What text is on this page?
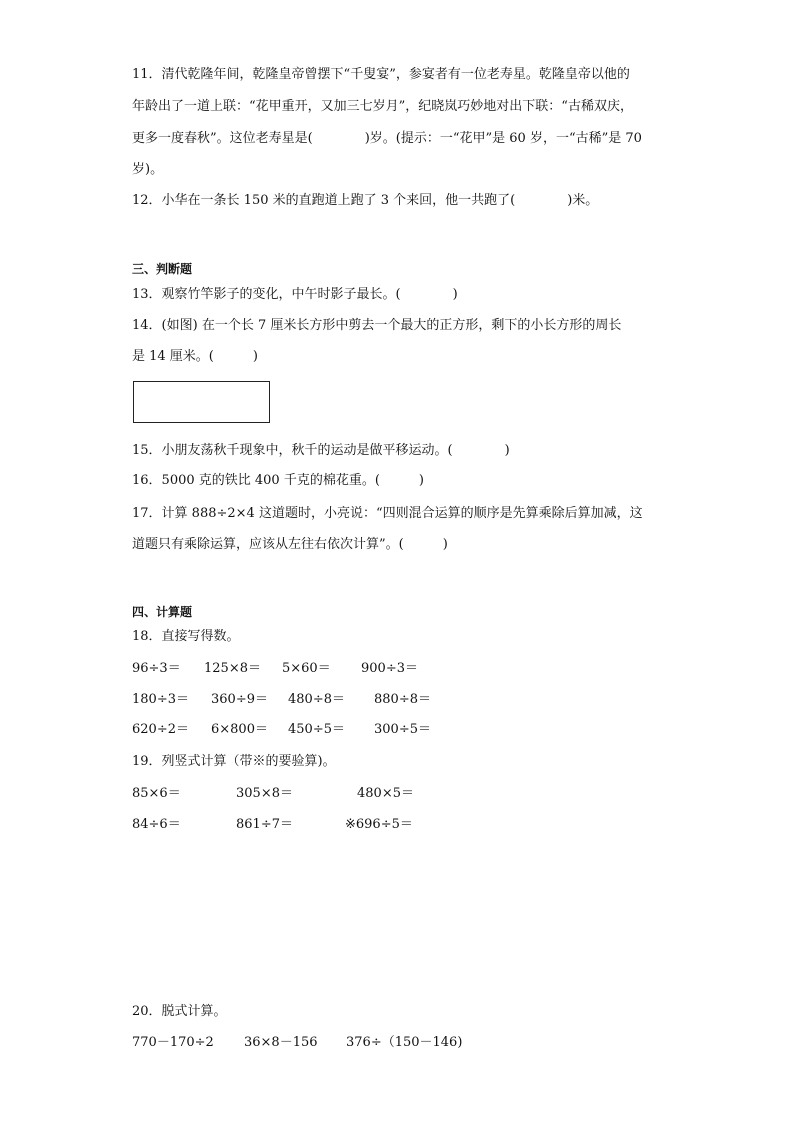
11．清代乾隆年间，乾隆皇帝曾摆下“千叟宴”，参宴者有一位老寿星。乾隆皇帝以他的
年龄出了一道上联：“花甲重开，又加三七岁月”，纪晓岚巧妙地对出下联：“古稀双庆，
更多一度春秋”。这位老寿星是(　　　　)岁。(提示：一“花甲”是 60 岁，一“古稀”是 70
岁)。
12．小华在一条长 150 米的直跑道上跑了 3 个来回，他一共跑了(　　　　)米。
三、判断题
13．观察竹竿影子的变化，中午时影子最长。(　　　　)
14．(如图) 在一个长 7 厘米长方形中剪去一个最大的正方形，剩下的小长方形的周长
是 14 厘米。(　　　)
15．小朋友荡秋千现象中，秋千的运动是做平移运动。(　　　　)
16．5000 克的铁比 400 千克的棉花重。(　　　)
17．计算 888÷2×4 这道题时，小亮说：“四则混合运算的顺序是先算乘除后算加减，这
道题只有乘除运算，应该从左往右依次计算”。(　　　)
四、计算题
18．直接写得数。
96÷3＝ 125×8＝ 5×60＝ 900÷3＝
180÷3＝ 360÷9＝ 480÷8＝ 880÷8＝
620÷2＝ 6×800＝ 450÷5＝ 300÷5＝
19．列竖式计算（带※的要验算)。
85×6＝	305×8＝	480×5＝
84÷6＝	861÷7＝	※696÷5＝
20．脱式计算。
770－170÷2 36×8－156 376÷（150－146)
